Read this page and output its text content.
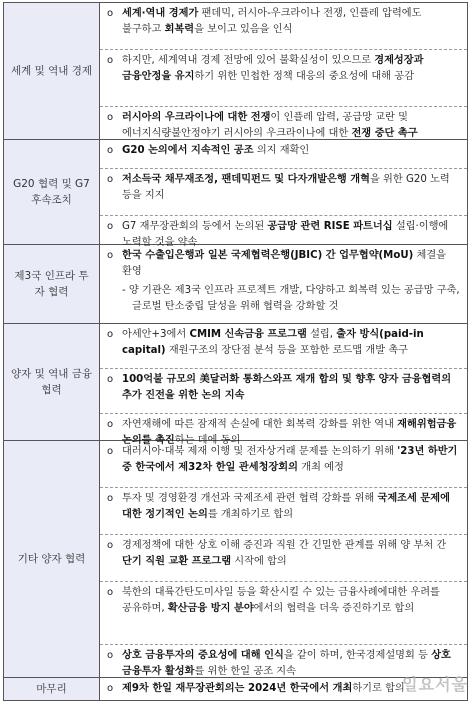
세계 및 역내 경제
o 세계·역내 경제가 팬데믹, 러시아-우크라이나 전쟁, 인플레 압력에도 불구하고 회복력을 보이고 있음을 인식
o 하지만, 세계역내 경제 전망에 있어 불확실성이 있으므로 경제성장과 금융안정을 유지하기 위한 민첩한 정책 대응의 중요성에 대해 공감
o 러시아의 우크라이나에 대한 전쟁이 인플레 압력, 공급망 교란 및 에너지식량불안정야기 러시아의 우크라이나에 대한 전쟁 중단 촉구
G20 협력 및 G7 후속조치
o G20 논의에서 지속적인 공조 의지 재확인
o 저소득국 채무재조정, 팬데믹펀드 및 다자개발은행 개혁을 위한 G20 노력 등을 지지
o G7 재무장관회의 등에서 논의된 공급망 관련 RISE 파트너십 설립·이행에 노력할 것을 약속
제3국 인프라 투자 협력
o 한국 수출입은행과 일본 국제협력은행(JBIC) 간 업무협약(MoU) 체결을 환영
- 양 기관은 제3국 인프라 프로젝트 개발, 다양하고 회복력 있는 공급망 구축, 글로벌 탄소중립 달성을 위해 협력을 강화할 것
양자 및 역내 금융협력
o 아세안+3에서 CMIM 신속금융 프로그램 설립, 출자 방식(paid-in capital) 재원구조의 장단점 분석 등을 포함한 로드맵 개발 촉구
o 100억불 규모의 美달러화 통화스와프 재개 합의 및 향후 양자 금융협력의 추가 진전을 위한 논의 지속
o 자연재해에 따른 잠재적 손실에 대한 회복력 강화를 위한 역내 재해위험금융 논의를 촉진하는 데에 동의
기타 양자 협력
o 대러시아·대북 제재 이행 및 전자상거래 문제를 논의하기 위해 '23년 하반기 중 한국에서 제32차 한일 관세청장회의 개최 예정
o 투자 및 경영환경 개선과 국제조세 관련 협력 강화를 위해 국제조세 문제에 대한 정기적인 논의를 개최하기로 합의
o 경제정책에 대한 상호 이해 증진과 직원 간 긴밀한 관계를 위해 양 부처 간 단기 직원 교환 프로그램 시작에 합의
o 북한의 대륙간탄도미사일 등을 확산시킬 수 있는 금융사례에대한 우려를 공유하며, 확산금융 방지 분야에서의 협력을 더욱 증진하기로 합의
o 상호 금융투자의 중요성에 대해 인식을 같이 하며, 한국경제설명회 등 상호 금융투자 활성화를 위한 한일 공조 지속
마무리	o 제9차 한일 재무장관회의는 2024년 한국에서 개최하기로 합의
일요서울
